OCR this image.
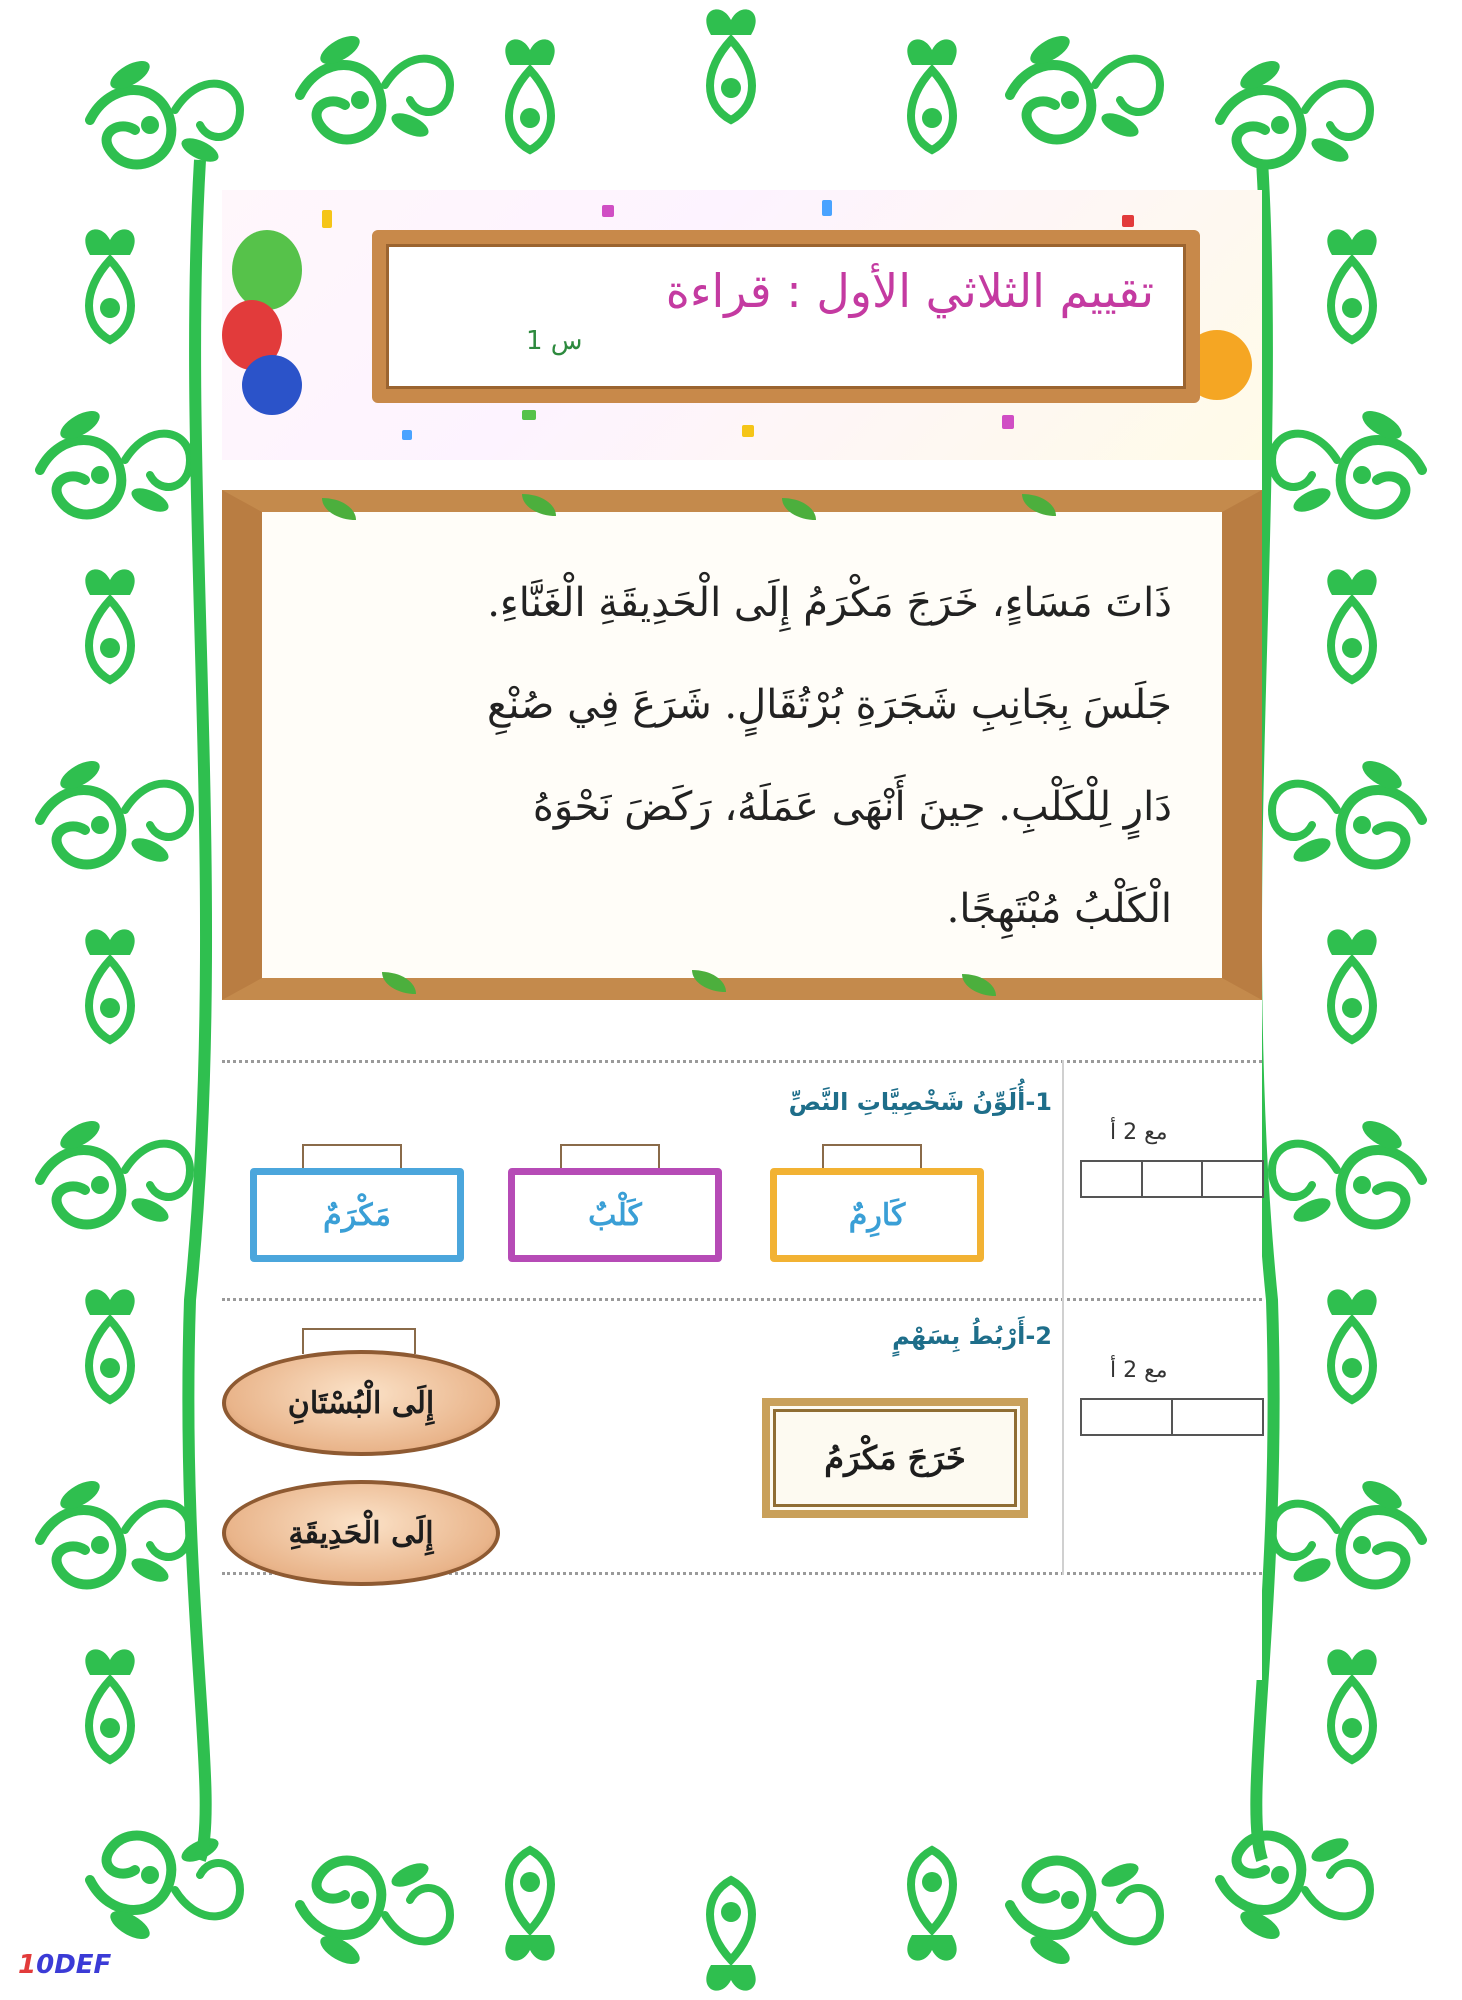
تقييم الثلاثي الأول : قراءة
س 1
ذَاتَ مَسَاءٍ، خَرَجَ مَكْرَمُ إِلَى الْحَدِيقَةِ الْغَنَّاءِ.
جَلَسَ بِجَانِبِ شَجَرَةِ بُرْتُقَالٍ. شَرَعَ فِي صُنْعِ
دَارٍ لِلْكَلْبِ. حِينَ أَنْهَى عَمَلَهُ، رَكَضَ نَحْوَهُ
الْكَلْبُ مُبْتَهِجًا.
1-أُلَوِّنُ شَخْصِيَّاتِ النَّصِّ
مع 2 أ
كَارِمٌ
كَلْبٌ
مَكْرَمٌ
2-أَرْبُطُ بِسَهْمٍ
مع 2 أ
خَرَجَ مَكْرَمُ
إِلَى الْبُسْتَانِ
إِلَى الْحَدِيقَةِ
10DEF
